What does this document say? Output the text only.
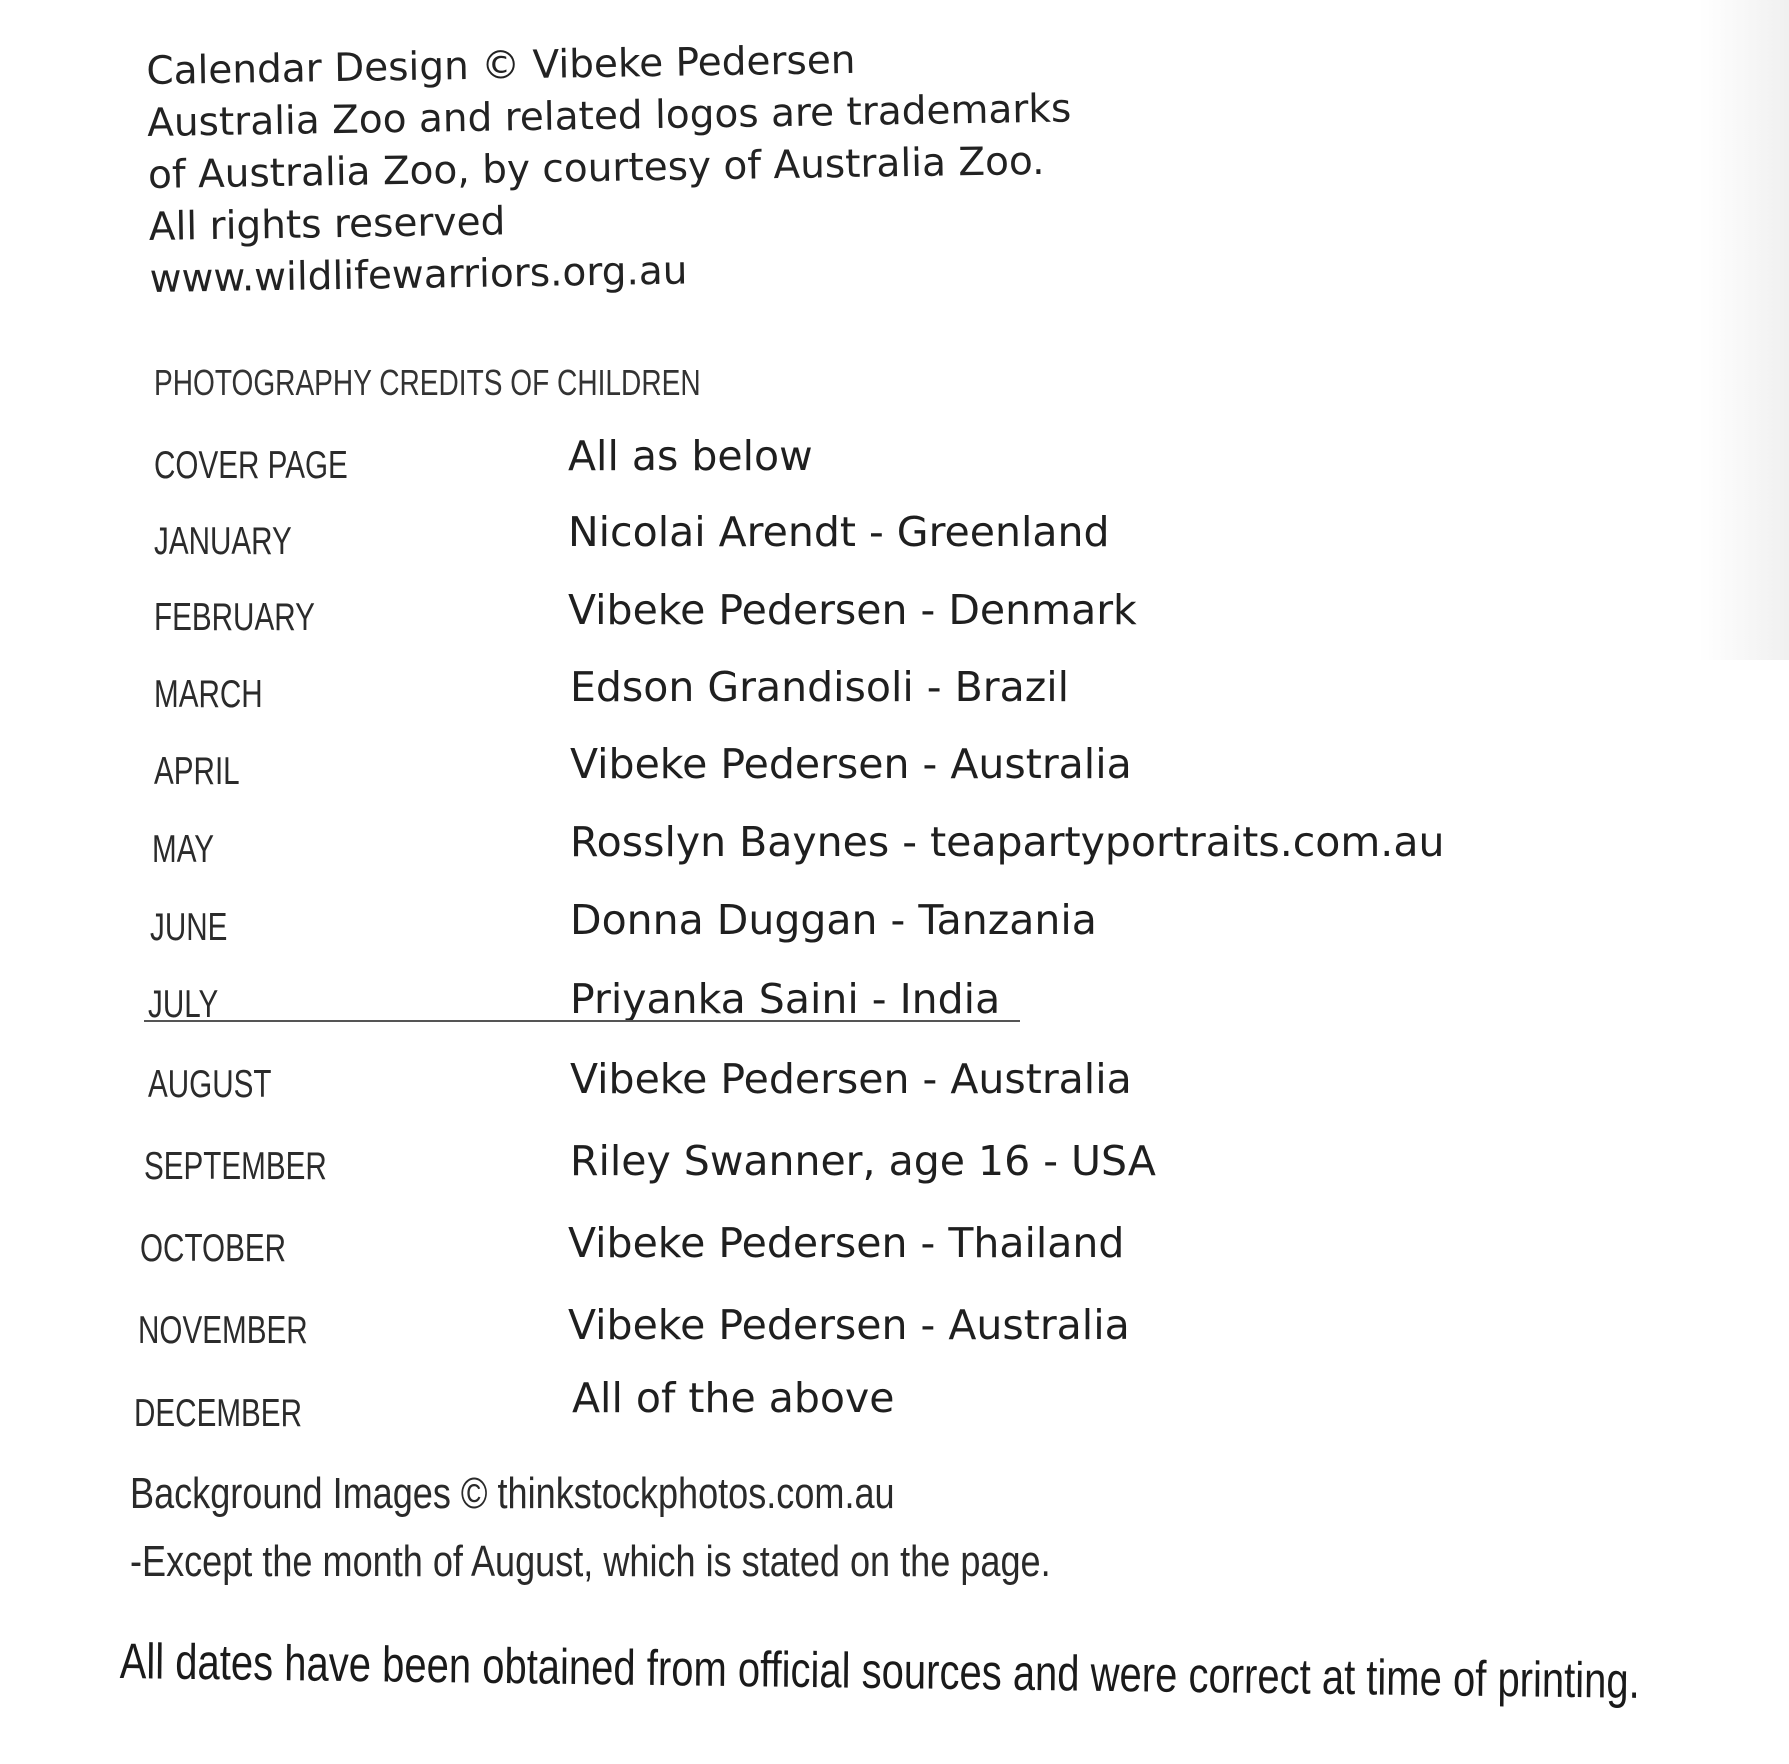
Calendar Design © Vibeke Pedersen
Australia Zoo and related logos are trademarks
of Australia Zoo, by courtesy of Australia Zoo.
All rights reserved
www.wildlifewarriors.org.au
PHOTOGRAPHY CREDITS OF CHILDREN
COVER PAGE	All as below
JANUARY	Nicolai Arendt - Greenland
FEBRUARY	Vibeke Pedersen - Denmark
MARCH	Edson Grandisoli - Brazil
APRIL	Vibeke Pedersen - Australia
MAY	Rosslyn Baynes - teapartyportraits.com.au
JUNE	Donna Duggan - Tanzania
JULY	Priyanka Saini - India
AUGUST	Vibeke Pedersen - Australia
SEPTEMBER	Riley Swanner, age 16 - USA
OCTOBER	Vibeke Pedersen - Thailand
NOVEMBER	Vibeke Pedersen - Australia
DECEMBER	All of the above
Background Images © thinkstockphotos.com.au
-Except the month of August, which is stated on the page.
All dates have been obtained from official sources and were correct at time of printing.
